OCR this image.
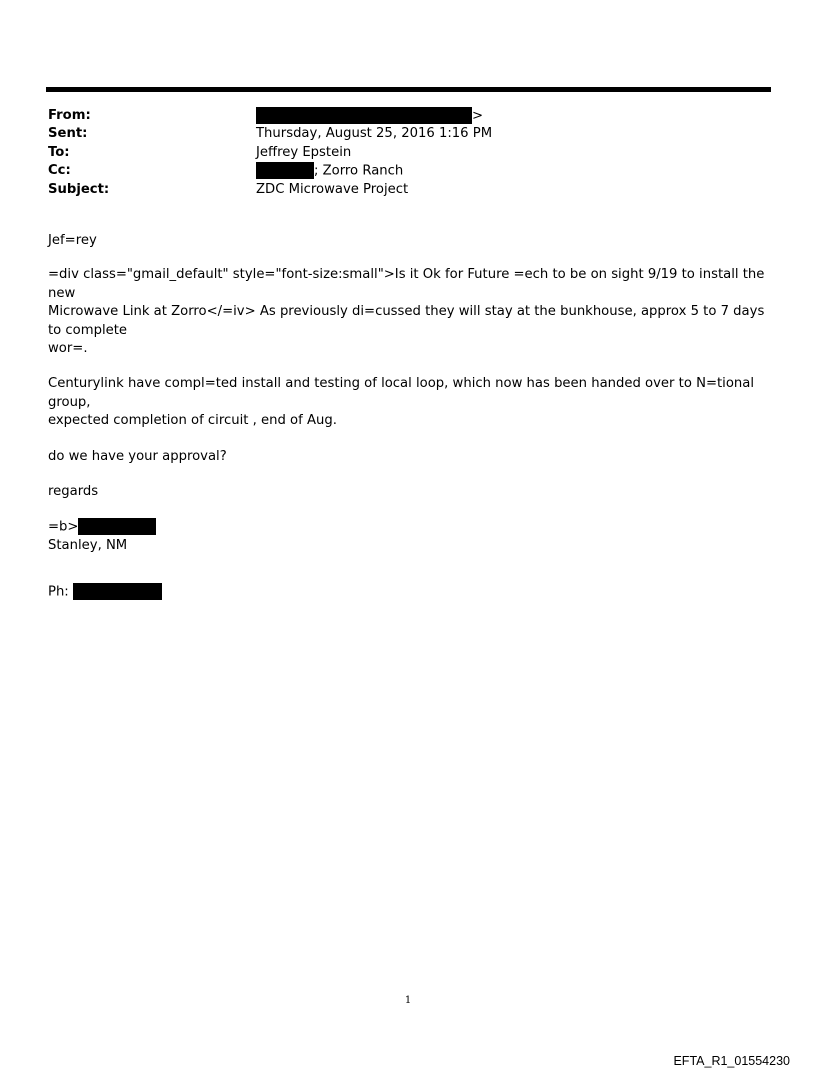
From:	>
Sent:	Thursday, August 25, 2016 1:16 PM
To:	Jeffrey Epstein
Cc:	; Zorro Ranch
Subject:	ZDC Microwave Project

Jef=rey

=div class="gmail_default" style="font-size:small">Is it Ok for Future =ech to be on sight 9/19 to install the new

Microwave Link at Zorro</=iv> As previously di=cussed they will stay at the bunkhouse, approx 5 to 7 days to complete

wor=.

Centurylink have compl=ted install and testing of local loop, which now has been handed over to N=tional group,

expected completion of circuit , end of Aug.

do we have your approval?

regards

=b>

Stanley, NM

Ph:

1
EFTA_R1_01554230
